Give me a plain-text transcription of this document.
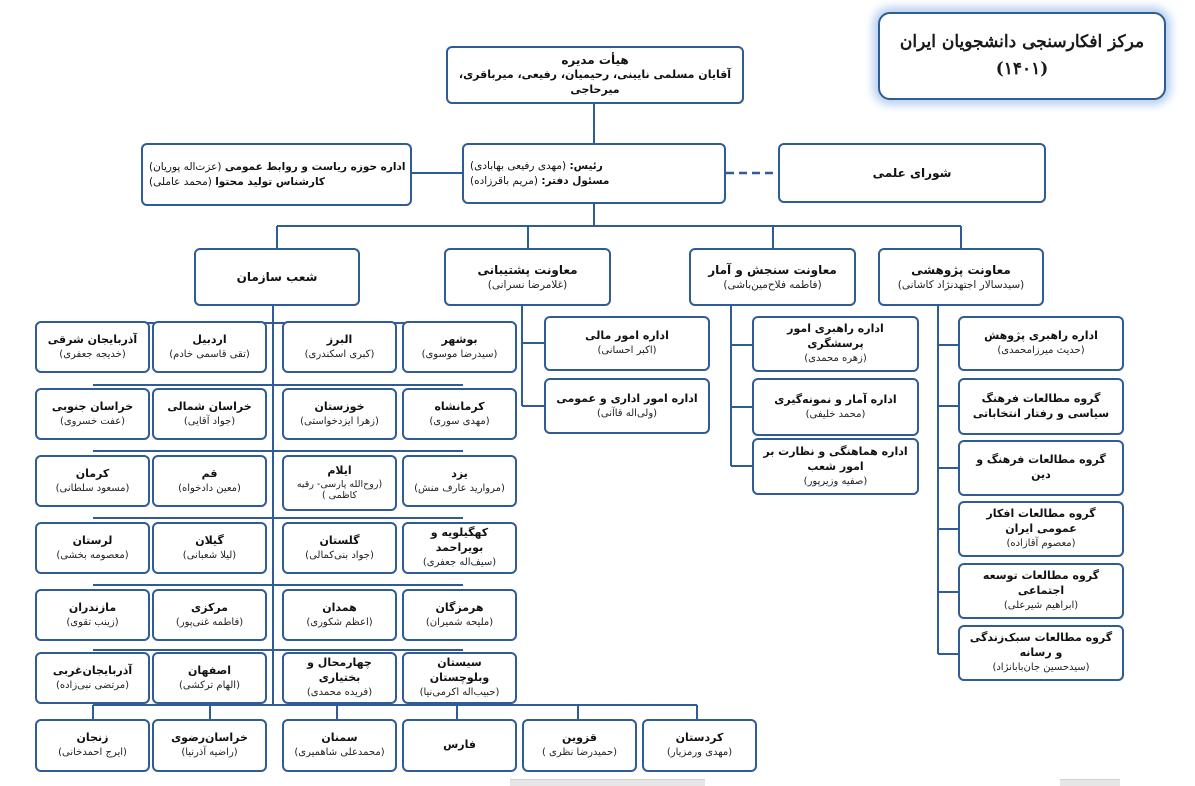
مرکز افکارسنجی دانشجویان ایران
(۱۴۰۱)
هیأت مدیره
آقایان مسلمی نایینی، رحیمیان، رفیعی، میرباقری، میرحاجی
رئیس: (مهدی رفیعی بهابادی)
مسئول دفتر: (مریم باقرزاده)
اداره حوزه ریاست و روابط عمومی (عزت‌اله پوریان)
کارشناس تولید محتوا (محمد عاملی)
شورای علمی
معاونت پژوهشی
(سیدسالار اجتهدنژاد کاشانی)
معاونت سنجش و آمار
(فاطمه فلاح‌مین‌باشی)
معاونت پشتیبانی
(غلامرضا نسرانی)
شعب سازمان
اداره راهبری پژوهش
(حدیث میرزامحمدی)
گروه مطالعات فرهنگ سیاسی و رفتار انتخاباتی
گروه مطالعات فرهنگ و دین
گروه مطالعات افکار عمومی ایران
(معصوم آقازاده)
گروه مطالعات توسعه اجتماعی
(ابراهیم شیرعلی)
گروه مطالعات سبک‌زندگی و رسانه
(سیدحسین جان‌بابانژاد)
اداره راهبری امور پرسشگری
(زهره محمدی)
اداره آمار و نمونه‌گیری
(محمد خلیفی)
اداره هماهنگی و نظارت بر امور شعب
(صفیه وزیرپور)
اداره امور مالی
(اکبر احسانی)
اداره امور اداری و عمومی
(ولی‌اله قاآنی)
آذربایجان شرقی
(خدیجه جعفری)
اردبیل
(تقی قاسمی خادم)
البرز
(کبری اسکندری)
بوشهر
(سیدرضا موسوی)
خراسان جنوبی
(عفت خسروی)
خراسان شمالی
(جواد آقایی)
خوزستان
(زهرا ایزدخواستی)
کرمانشاه
(مهدی سوری)
کرمان
(مسعود سلطانی)
قم
(معین دادخواه)
ایلام
(روح‌الله پارسی- رقیه کاظمی )
یزد
(مروارید عارف منش)
لرستان
(معصومه بخشی)
گیلان
(لیلا شعبانی)
گلستان
(جواد بنی‌کمالی)
کهگیلویه و بویراحمد
(سیف‌اله جعفری)
مازندران
(زینب تقوی)
مرکزی
(فاطمه غنی‌پور)
همدان
(اعظم شکوری)
هرمزگان
(ملیحه شمیران)
آذربایجان‌غربی
(مرتضی نبی‌زاده)
اصفهان
(الهام ترکشی)
چهارمحال و بختیاری
(فریده محمدی)
سیستان وبلوچستان
(حبیب‌اله اکرمی‌نیا)
زنجان
(ایرج احمدخانی)
خراسان‌رضوی
(راضیه آذرنیا)
سمنان
(محمدعلی شاهمیری)
فارس
قزوین
(حمیدرضا نظری )
کردستان
(مهدی ورمزیار)
